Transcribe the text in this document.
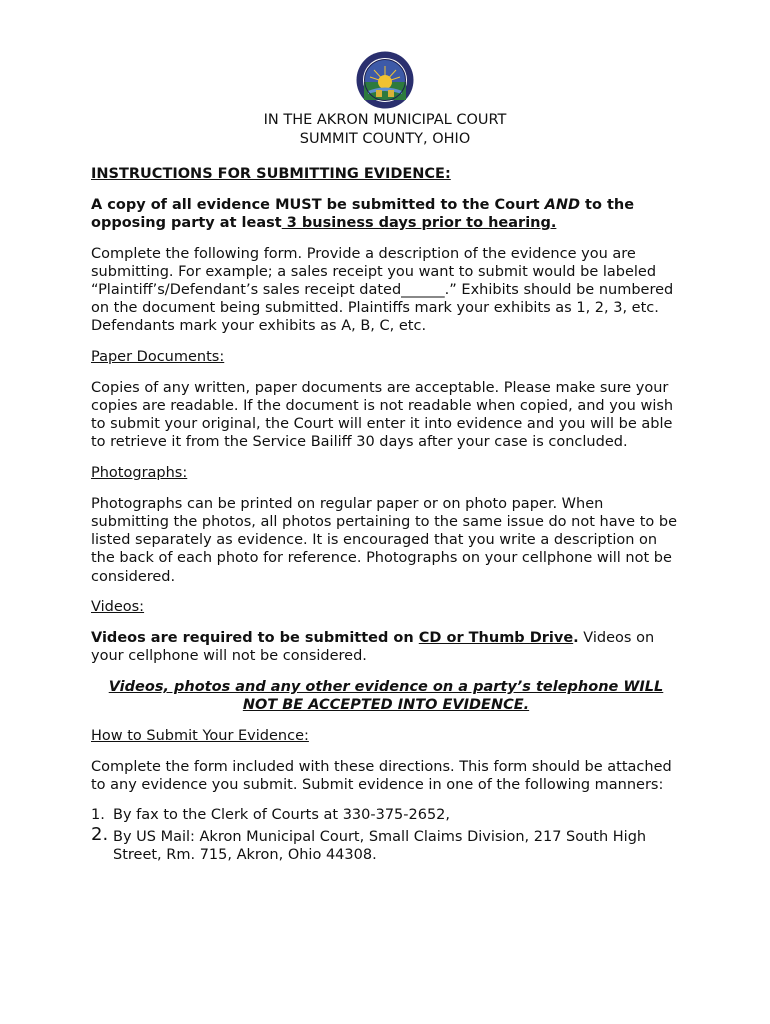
IN THE AKRON MUNICIPAL COURT
SUMMIT COUNTY, OHIO

INSTRUCTIONS FOR SUBMITTING EVIDENCE:

A copy of all evidence MUST be submitted to the Court AND to the opposing party at least 3 business days prior to hearing.

Complete the following form. Provide a description of the evidence you are submitting. For example; a sales receipt you want to submit would be labeled “Plaintiff’s/Defendant’s sales receipt dated______.” Exhibits should be numbered on the document being submitted. Plaintiffs mark your exhibits as 1, 2, 3, etc. Defendants mark your exhibits as A, B, C, etc.

Paper Documents:

Copies of any written, paper documents are acceptable. Please make sure your copies are readable. If the document is not readable when copied, and you wish to submit your original, the Court will enter it into evidence and you will be able to retrieve it from the Service Bailiff 30 days after your case is concluded.

Photographs:

Photographs can be printed on regular paper or on photo paper. When submitting the photos, all photos pertaining to the same issue do not have to be listed separately as evidence. It is encouraged that you write a description on the back of each photo for reference. Photographs on your cellphone will not be considered.

Videos:

Videos are required to be submitted on CD or Thumb Drive. Videos on your cellphone will not be considered.

Videos, photos and any other evidence on a party’s telephone WILL NOT BE ACCEPTED INTO EVIDENCE.

How to Submit Your Evidence:

Complete the form included with these directions. This form should be attached to any evidence you submit. Submit evidence in one of the following manners:

1. By fax to the Clerk of Courts at 330-375-2652,
2. By US Mail: Akron Municipal Court, Small Claims Division, 217 South High Street, Rm. 715, Akron, Ohio 44308.
